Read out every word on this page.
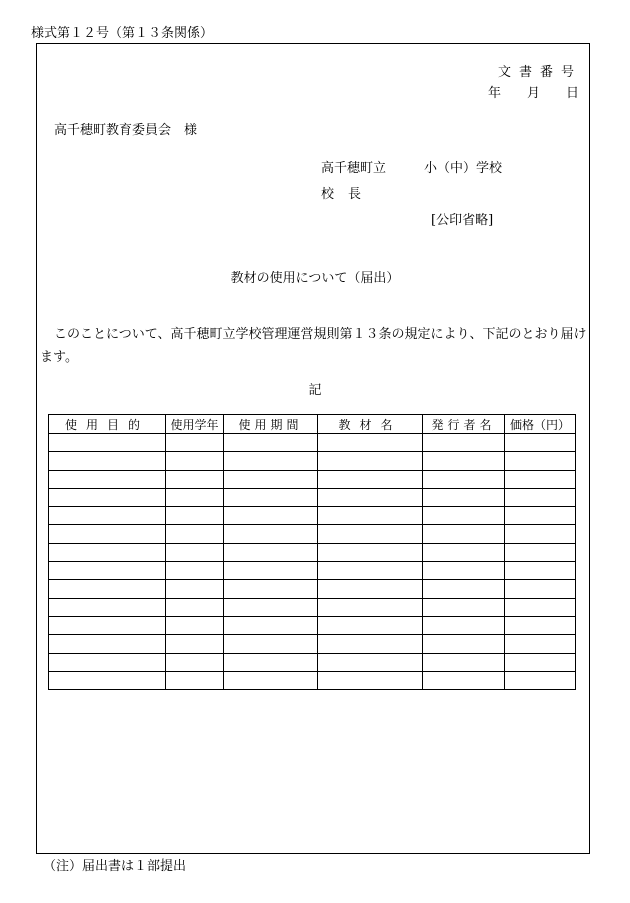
様式第１２号（第１３条関係）
文書番号
年　　月　　日
高千穂町教育委員会　様
高千穂町立	小（中）学校
校長
[公印省略]
教材の使用について（届出）
このことについて、高千穂町立学校管理運営規則第１３条の規定により、下記のとおり届けます。
記
使用目的	使用学年	使用期間	教材名	発行者名	価格（円）

（注）届出書は１部提出
